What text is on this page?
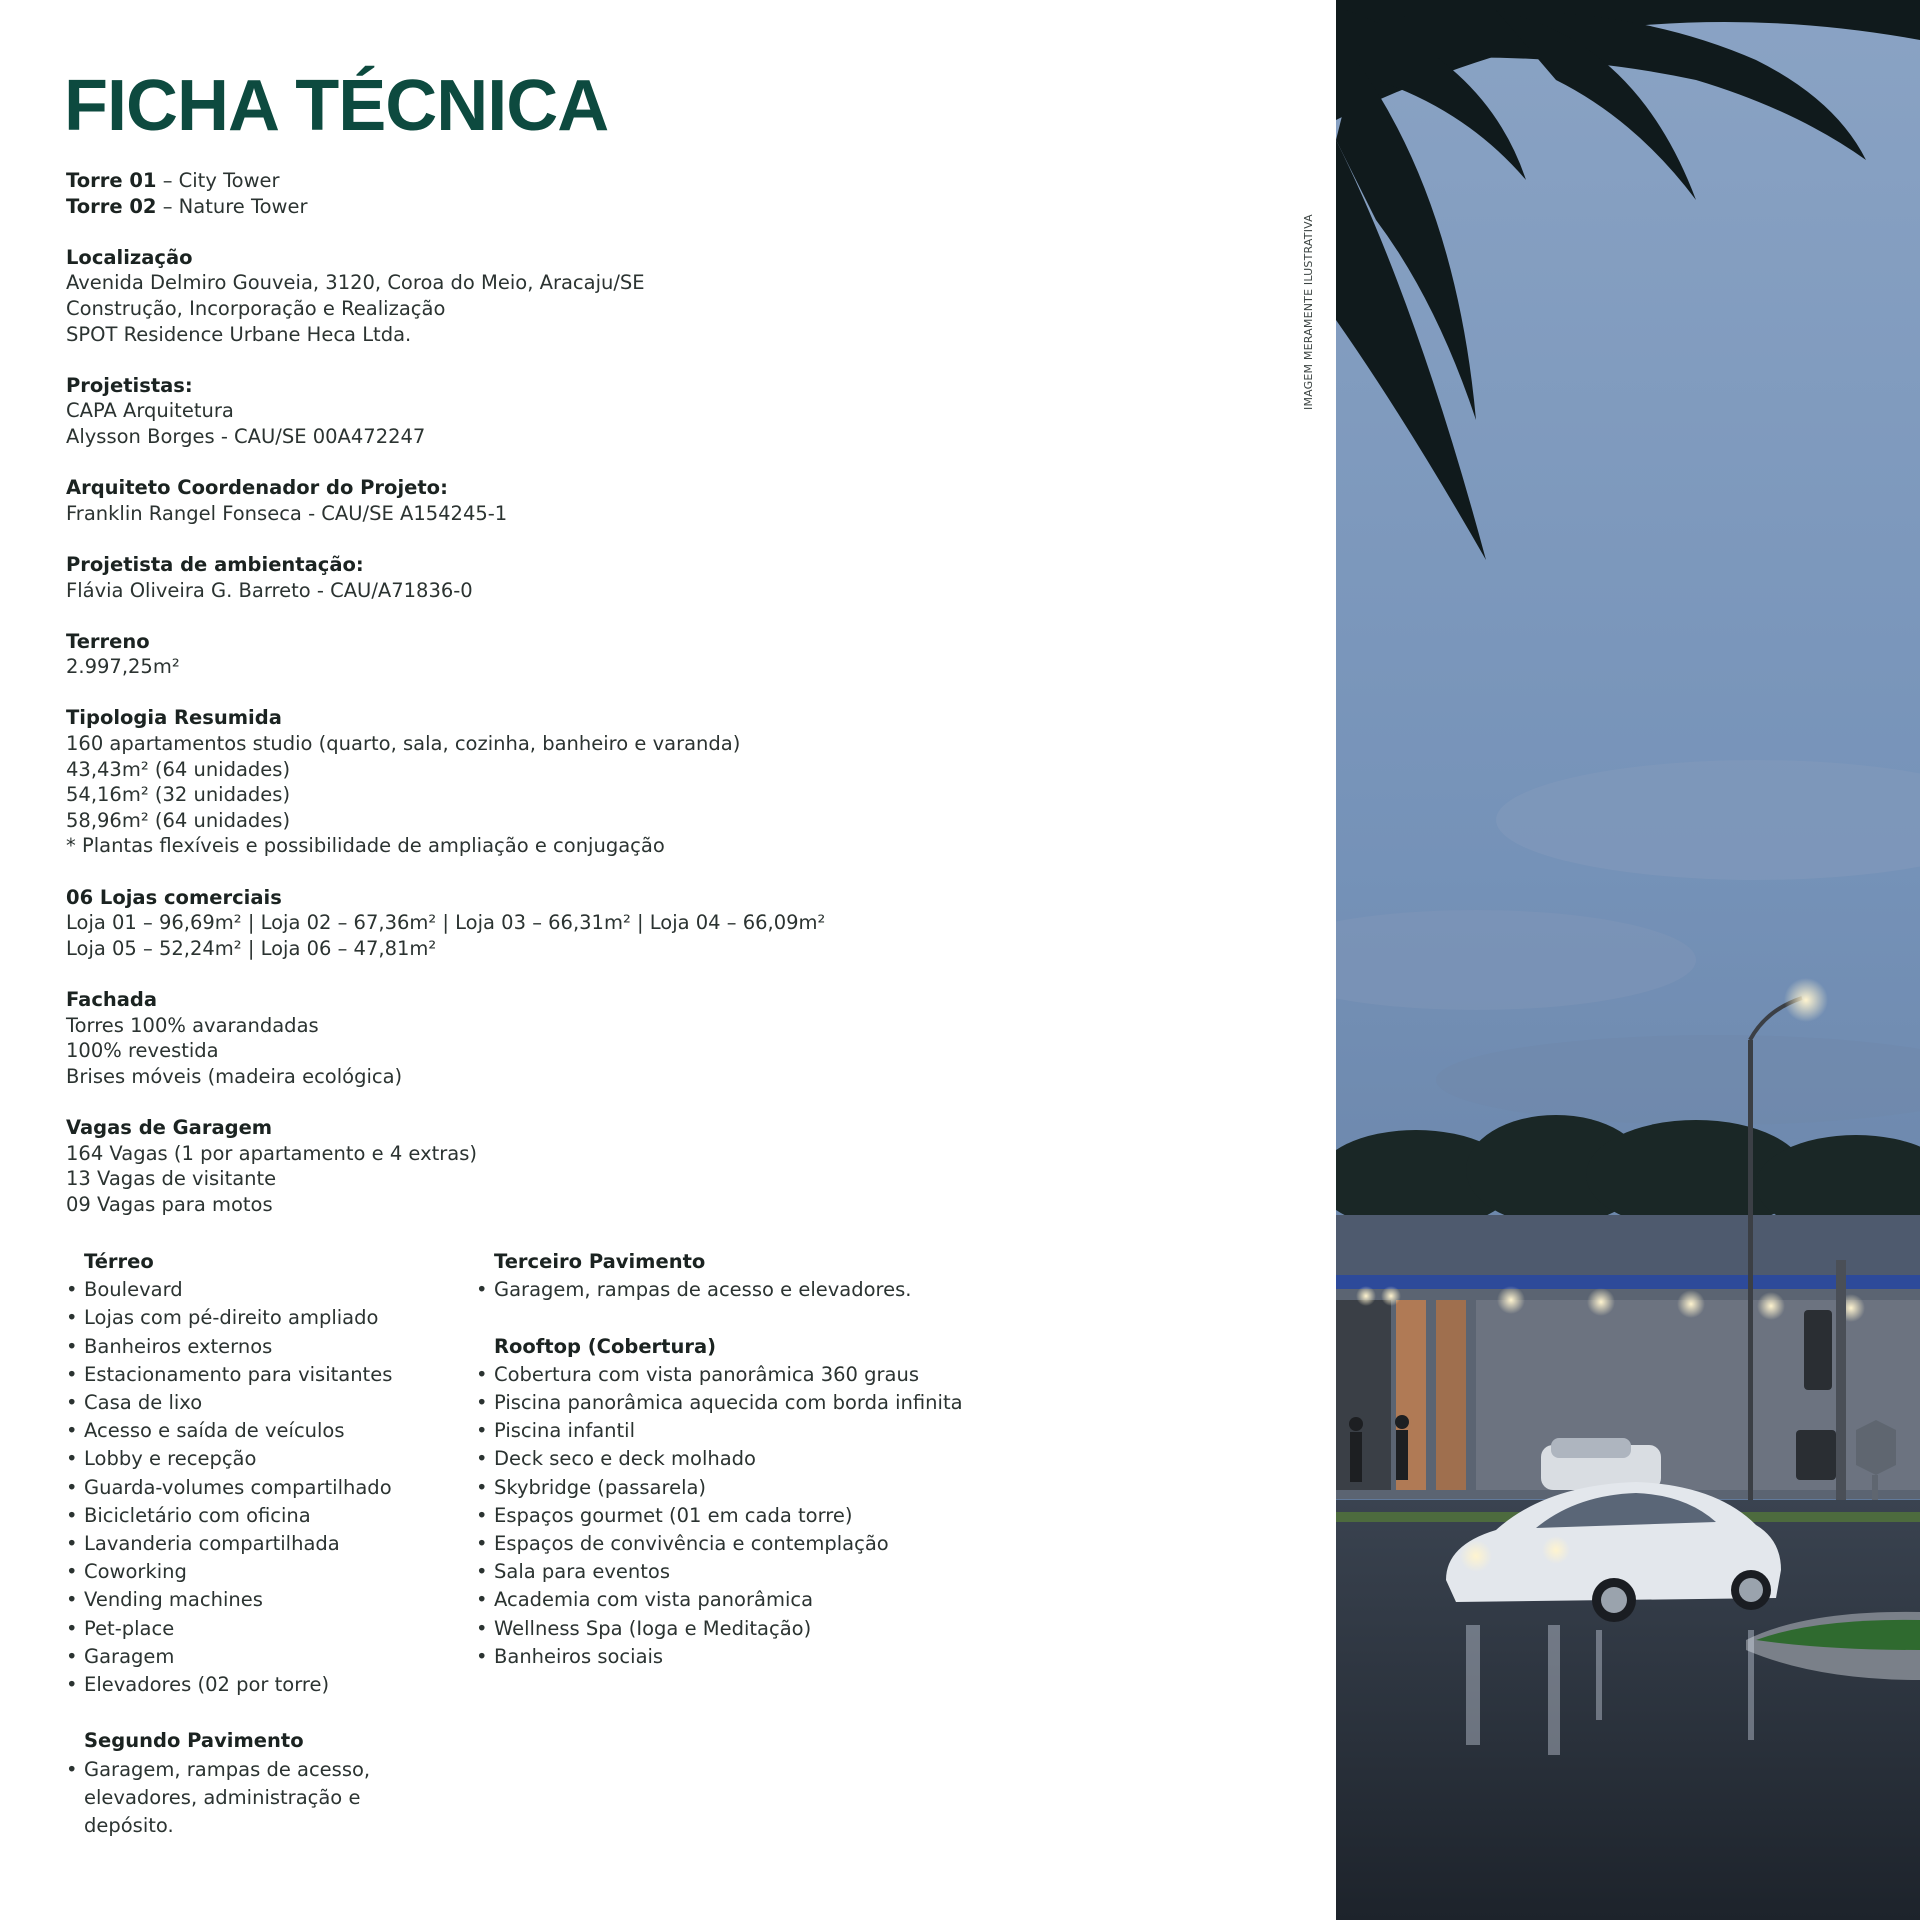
FICHA TÉCNICA
Torre 01 – City Tower
Torre 02 – Nature Tower
Localização
Avenida Delmiro Gouveia, 3120, Coroa do Meio, Aracaju/SE
Construção, Incorporação e Realização
SPOT Residence Urbane Heca Ltda.
Projetistas:
CAPA Arquitetura
Alysson Borges - CAU/SE 00A472247
Arquiteto Coordenador do Projeto:
Franklin Rangel Fonseca - CAU/SE A154245-1
Projetista de ambientação:
Flávia Oliveira G. Barreto - CAU/A71836-0
Terreno
2.997,25m²
Tipologia Resumida
160 apartamentos studio (quarto, sala, cozinha, banheiro e varanda)
43,43m² (64 unidades)
54,16m² (32 unidades)
58,96m² (64 unidades)
* Plantas flexíveis e possibilidade de ampliação e conjugação
06 Lojas comerciais
Loja 01 – 96,69m² | Loja 02 – 67,36m² | Loja 03 – 66,31m² | Loja 04 – 66,09m²
Loja 05 – 52,24m² | Loja 06 – 47,81m²
Fachada
Torres 100% avarandadas
100% revestida
Brises móveis (madeira ecológica)
Vagas de Garagem
164 Vagas (1 por apartamento e 4 extras)
13 Vagas de visitante
09 Vagas para motos
Térreo
• Boulevard
• Lojas com pé-direito ampliado
• Banheiros externos
• Estacionamento para visitantes
• Casa de lixo
• Acesso e saída de veículos
• Lobby e recepção
• Guarda-volumes compartilhado
• Bicicletário com oficina
• Lavanderia compartilhada
• Coworking
• Vending machines
• Pet-place
• Garagem
• Elevadores (02 por torre)
Segundo Pavimento
• Garagem, rampas de acesso, elevadores, administração e depósito.
Terceiro Pavimento
• Garagem, rampas de acesso e elevadores.
Rooftop (Cobertura)
• Cobertura com vista panorâmica 360 graus
• Piscina panorâmica aquecida com borda infinita
• Piscina infantil
• Deck seco e deck molhado
• Skybridge (passarela)
• Espaços gourmet (01 em cada torre)
• Espaços de convivência e contemplação
• Sala para eventos
• Academia com vista panorâmica
• Wellness Spa (Ioga e Meditação)
• Banheiros sociais
IMAGEM MERAMENTE ILUSTRATIVA
